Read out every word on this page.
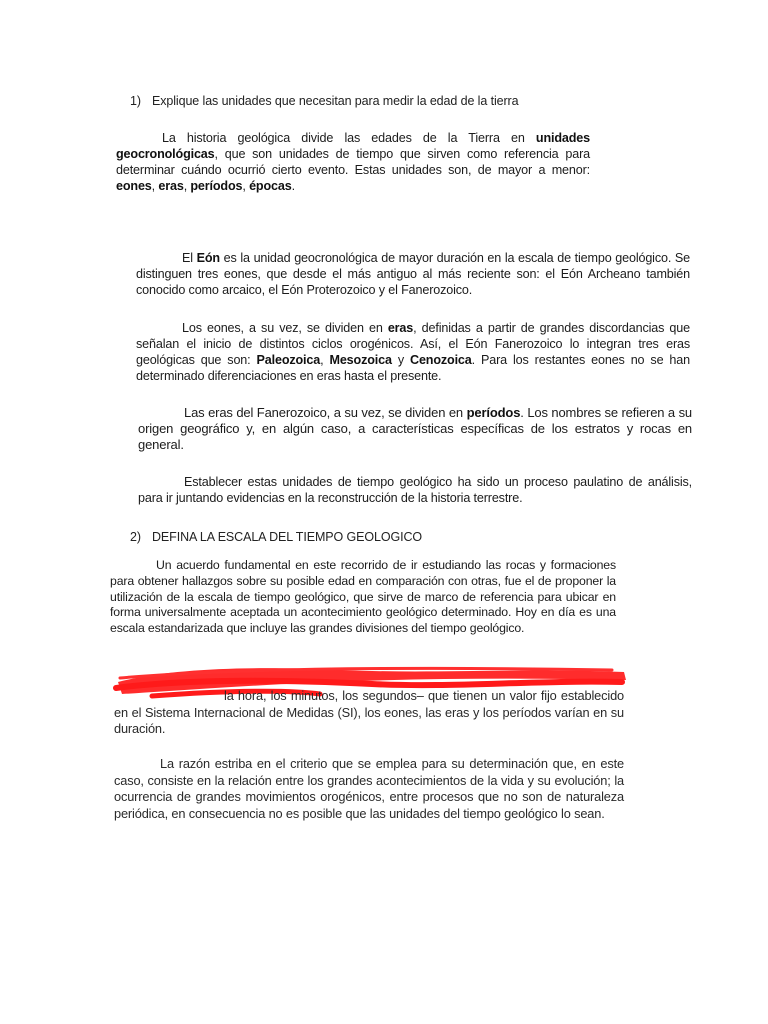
1) Explique las unidades que necesitan para medir la edad de la tierra
La historia geológica divide las edades de la Tierra en unidades geocronológicas, que son unidades de tiempo que sirven como referencia para determinar cuándo ocurrió cierto evento. Estas unidades son, de mayor a menor: eones, eras, períodos, épocas.
El Eón es la unidad geocronológica de mayor duración en la escala de tiempo geológico. Se distinguen tres eones, que desde el más antiguo al más reciente son: el Eón Archeano también conocido como arcaico, el Eón Proterozoico y el Fanerozoico.
Los eones, a su vez, se dividen en eras, definidas a partir de grandes discordancias que señalan el inicio de distintos ciclos orogénicos. Así, el Eón Fanerozoico lo integran tres eras geológicas que son: Paleozoica, Mesozoica y Cenozoica. Para los restantes eones no se han determinado diferenciaciones en eras hasta el presente.
Las eras del Fanerozoico, a su vez, se dividen en períodos. Los nombres se refieren a su origen geográfico y, en algún caso, a características específicas de los estratos y rocas en general.
Establecer estas unidades de tiempo geológico ha sido un proceso paulatino de análisis, para ir juntando evidencias en la reconstrucción de la historia terrestre.
2) DEFINA LA ESCALA DEL TIEMPO GEOLOGICO
Un acuerdo fundamental en este recorrido de ir estudiando las rocas y formaciones para obtener hallazgos sobre su posible edad en comparación con otras, fue el de proponer la utilización de la escala de tiempo geológico, que sirve de marco de referencia para ubicar en forma universalmente aceptada un acontecimiento geológico determinado. Hoy en día es una escala estandarizada que incluye las grandes divisiones del tiempo geológico.
la hora, los minutos, los segundos– que tienen un valor fijo establecido en el Sistema Internacional de Medidas (SI), los eones, las eras y los períodos varían en su duración.
La razón estriba en el criterio que se emplea para su determinación que, en este caso, consiste en la relación entre los grandes acontecimientos de la vida y su evolución; la ocurrencia de grandes movimientos orogénicos, entre procesos que no son de naturaleza periódica, en consecuencia no es posible que las unidades del tiempo geológico lo sean.
